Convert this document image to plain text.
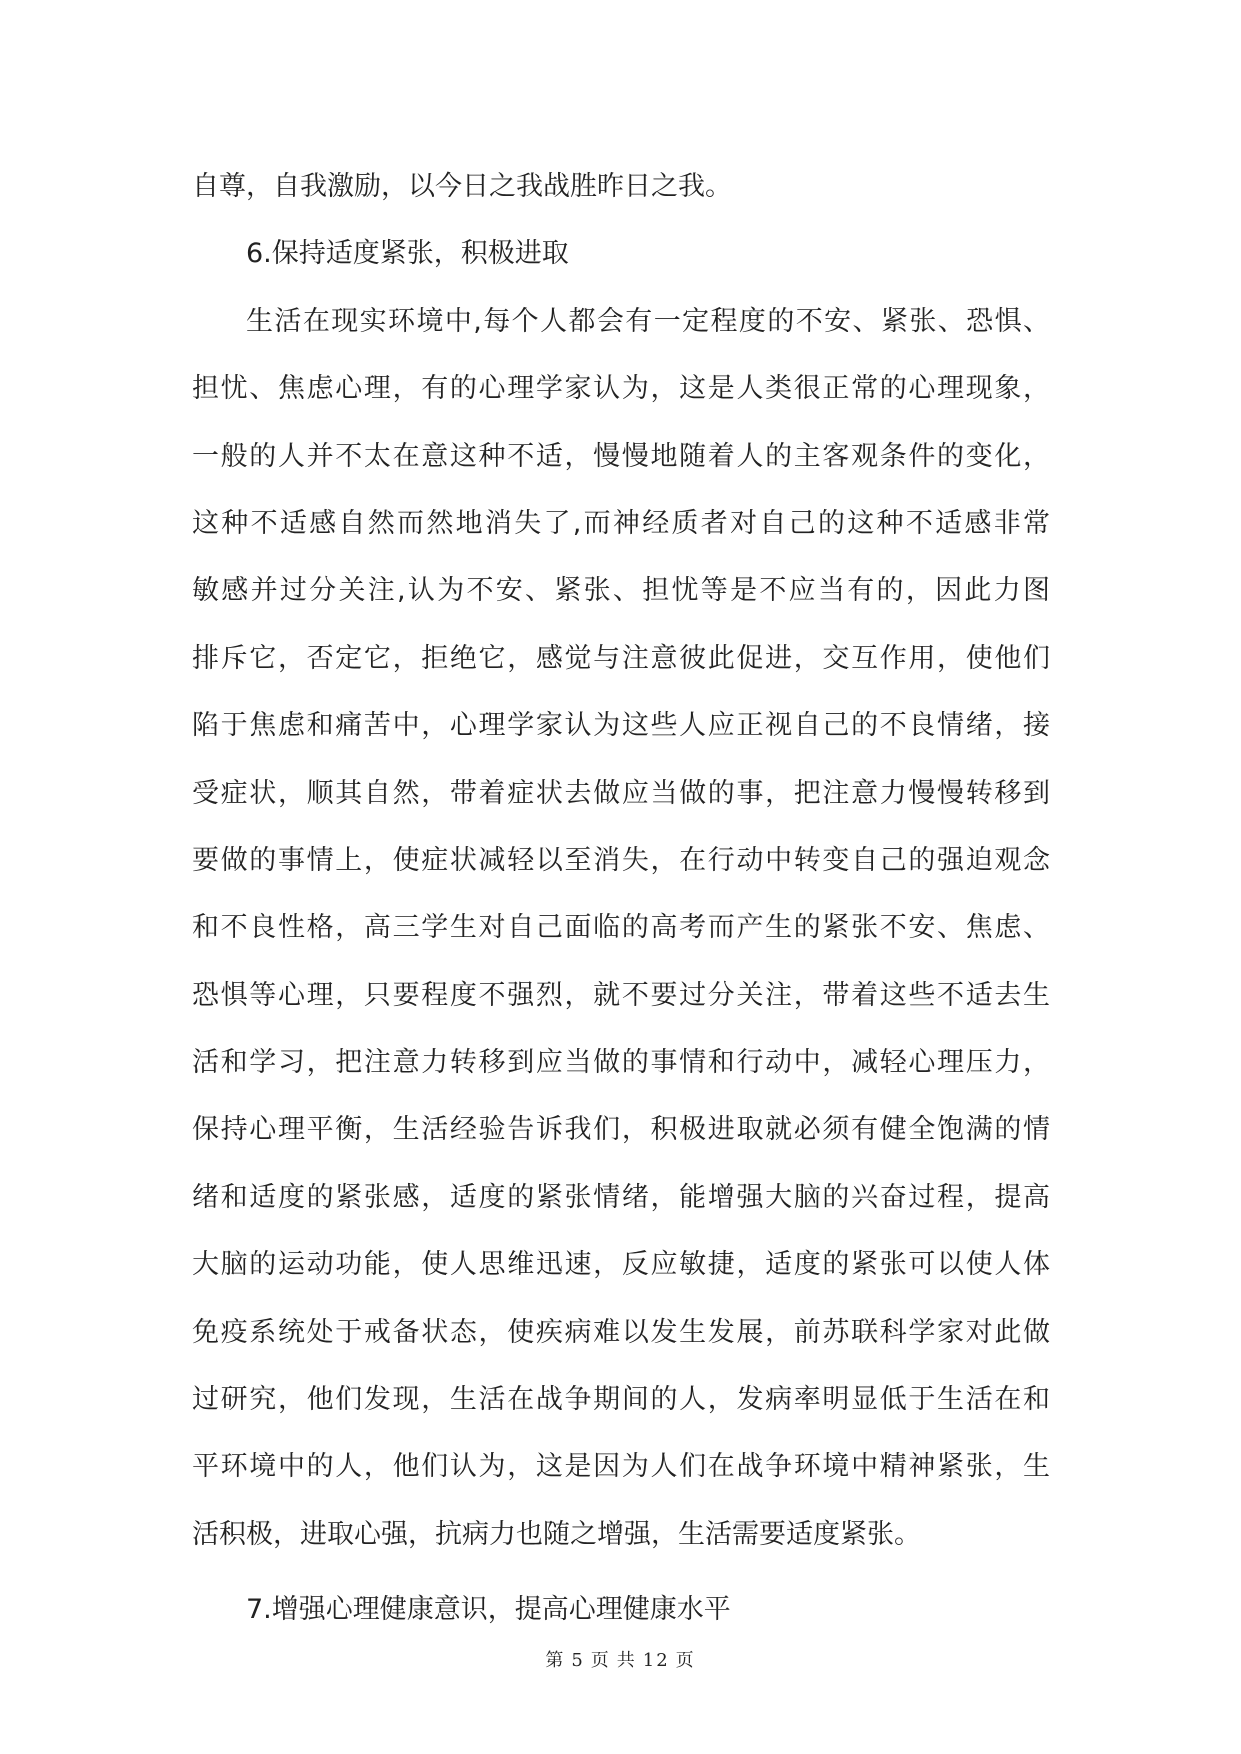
自尊，自我激励，以今日之我战胜昨日之我。
6.保持适度紧张，积极进取
生活在现实环境中,每个人都会有一定程度的不安、紧张、恐惧、
担忧、焦虑心理，有的心理学家认为，这是人类很正常的心理现象，
一般的人并不太在意这种不适，慢慢地随着人的主客观条件的变化，
这种不适感自然而然地消失了,而神经质者对自己的这种不适感非常
敏感并过分关注,认为不安、紧张、担忧等是不应当有的，因此力图
排斥它，否定它，拒绝它，感觉与注意彼此促进，交互作用，使他们
陷于焦虑和痛苦中，心理学家认为这些人应正视自己的不良情绪，接
受症状，顺其自然，带着症状去做应当做的事，把注意力慢慢转移到
要做的事情上，使症状减轻以至消失，在行动中转变自己的强迫观念
和不良性格，高三学生对自己面临的高考而产生的紧张不安、焦虑、
恐惧等心理，只要程度不强烈，就不要过分关注，带着这些不适去生
活和学习，把注意力转移到应当做的事情和行动中，减轻心理压力，
保持心理平衡，生活经验告诉我们，积极进取就必须有健全饱满的情
绪和适度的紧张感，适度的紧张情绪，能增强大脑的兴奋过程，提高
大脑的运动功能，使人思维迅速，反应敏捷，适度的紧张可以使人体
免疫系统处于戒备状态，使疾病难以发生发展，前苏联科学家对此做
过研究，他们发现，生活在战争期间的人，发病率明显低于生活在和
平环境中的人，他们认为，这是因为人们在战争环境中精神紧张，生
活积极，进取心强，抗病力也随之增强，生活需要适度紧张。
7.增强心理健康意识，提高心理健康水平
第 5 页 共 12 页
